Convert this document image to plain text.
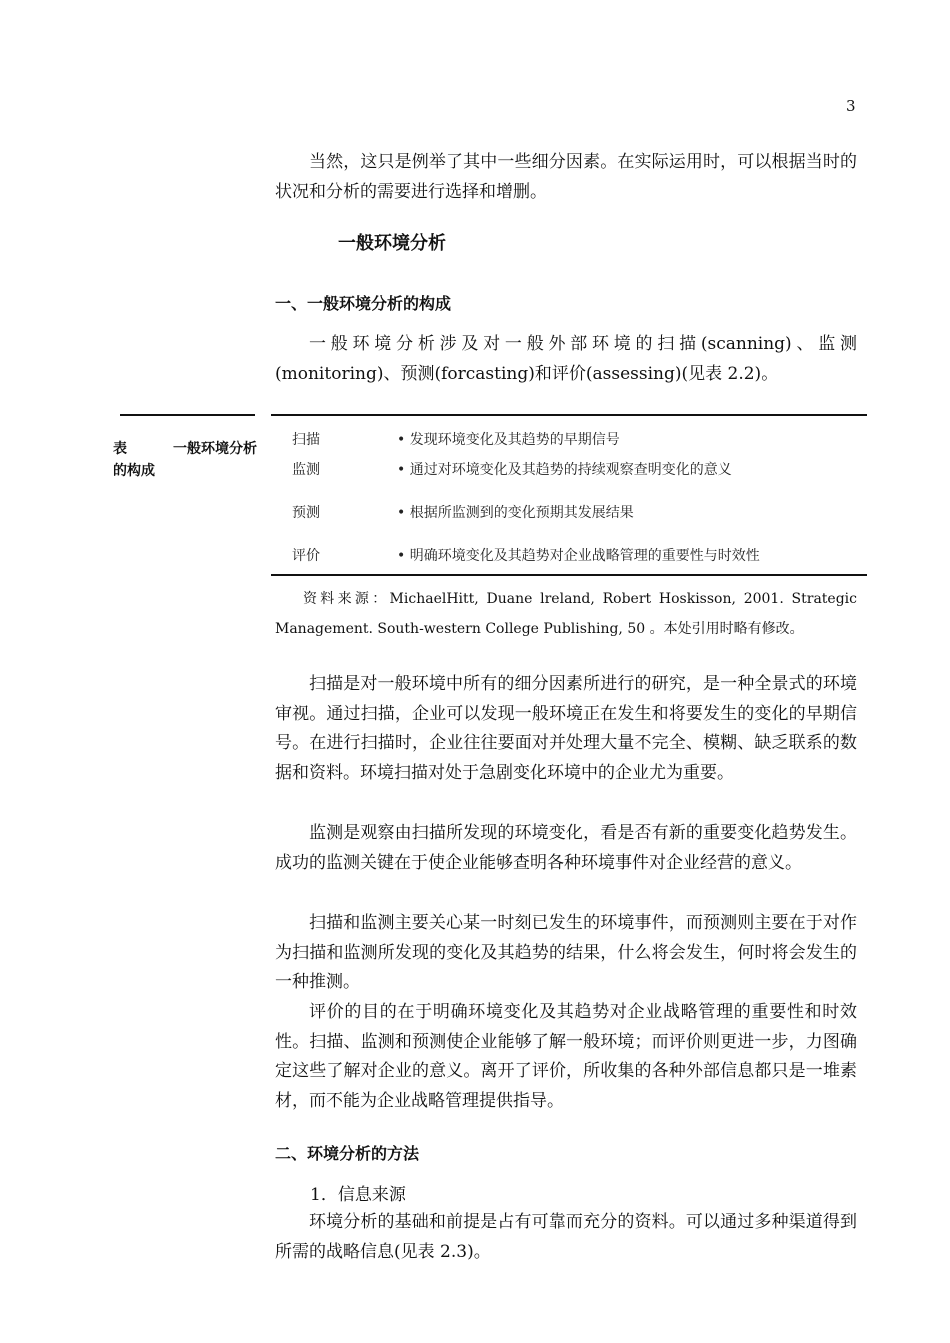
3

当然，这只是例举了其中一些细分因素。在实际运用时，可以根据当时的状况和分析的需要进行选择和增删。

一般环境分析
一、一般环境分析的构成

一般环境分析涉及对一般外部环境的扫描(scanning)、监测(monitoring)、预测(forcasting)和评价(assessing)(见表 2.2)。

表	一般环境分析的构成
扫描	• 发现环境变化及其趋势的早期信号
监测	• 通过对环境变化及其趋势的持续观察查明变化的意义
预测	• 根据所监测到的变化预期其发展结果
评价	• 明确环境变化及其趋势对企业战略管理的重要性与时效性

资料来源：MichaelHitt, Duane lreland, Robert Hoskisson, 2001. Strategic Management. South-western College Publishing, 50 。本处引用时略有修改。

扫描是对一般环境中所有的细分因素所进行的研究，是一种全景式的环境审视。通过扫描，企业可以发现一般环境正在发生和将要发生的变化的早期信号。在进行扫描时，企业往往要面对并处理大量不完全、模糊、缺乏联系的数据和资料。环境扫描对处于急剧变化环境中的企业尤为重要。

监测是观察由扫描所发现的环境变化，看是否有新的重要变化趋势发生。成功的监测关键在于使企业能够查明各种环境事件对企业经营的意义。

扫描和监测主要关心某一时刻已发生的环境事件，而预测则主要在于对作为扫描和监测所发现的变化及其趋势的结果，什么将会发生，何时将会发生的一种推测。

评价的目的在于明确环境变化及其趋势对企业战略管理的重要性和时效性。扫描、监测和预测使企业能够了解一般环境；而评价则更进一步，力图确定这些了解对企业的意义。离开了评价，所收集的各种外部信息都只是一堆素材，而不能为企业战略管理提供指导。

二、环境分析的方法
1．信息来源

环境分析的基础和前提是占有可靠而充分的资料。可以通过多种渠道得到所需的战略信息(见表 2.3)。
